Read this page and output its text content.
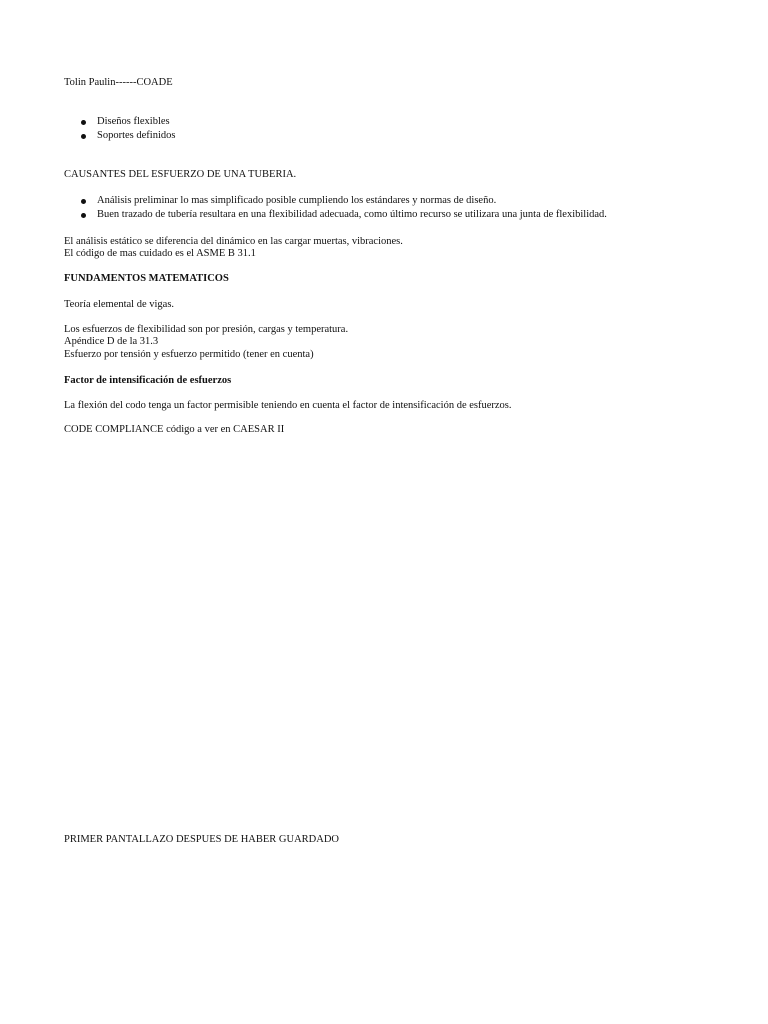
Tolin Paulin------COADE
Diseños flexibles
Soportes definidos
CAUSANTES DEL ESFUERZO DE UNA TUBERIA.
Análisis preliminar lo mas simplificado posible cumpliendo los estándares y normas de diseño.
Buen trazado de tubería resultara en una flexibilidad adecuada, como último recurso se utilizara una junta de flexibilidad.
El análisis estático se diferencia del dinámico en las cargar muertas, vibraciones.
El código de mas cuidado es el ASME B 31.1
FUNDAMENTOS MATEMATICOS
Teoría elemental de vigas.
Los esfuerzos de flexibilidad son por presión, cargas y temperatura.
Apéndice D de la 31.3
Esfuerzo por tensión y esfuerzo permitido (tener en cuenta)
Factor de intensificación de esfuerzos
La flexión del codo tenga un factor permisible teniendo en cuenta el factor de intensificación de esfuerzos.
CODE COMPLIANCE código a ver en CAESAR II
PRIMER PANTALLAZO DESPUES DE HABER GUARDADO
